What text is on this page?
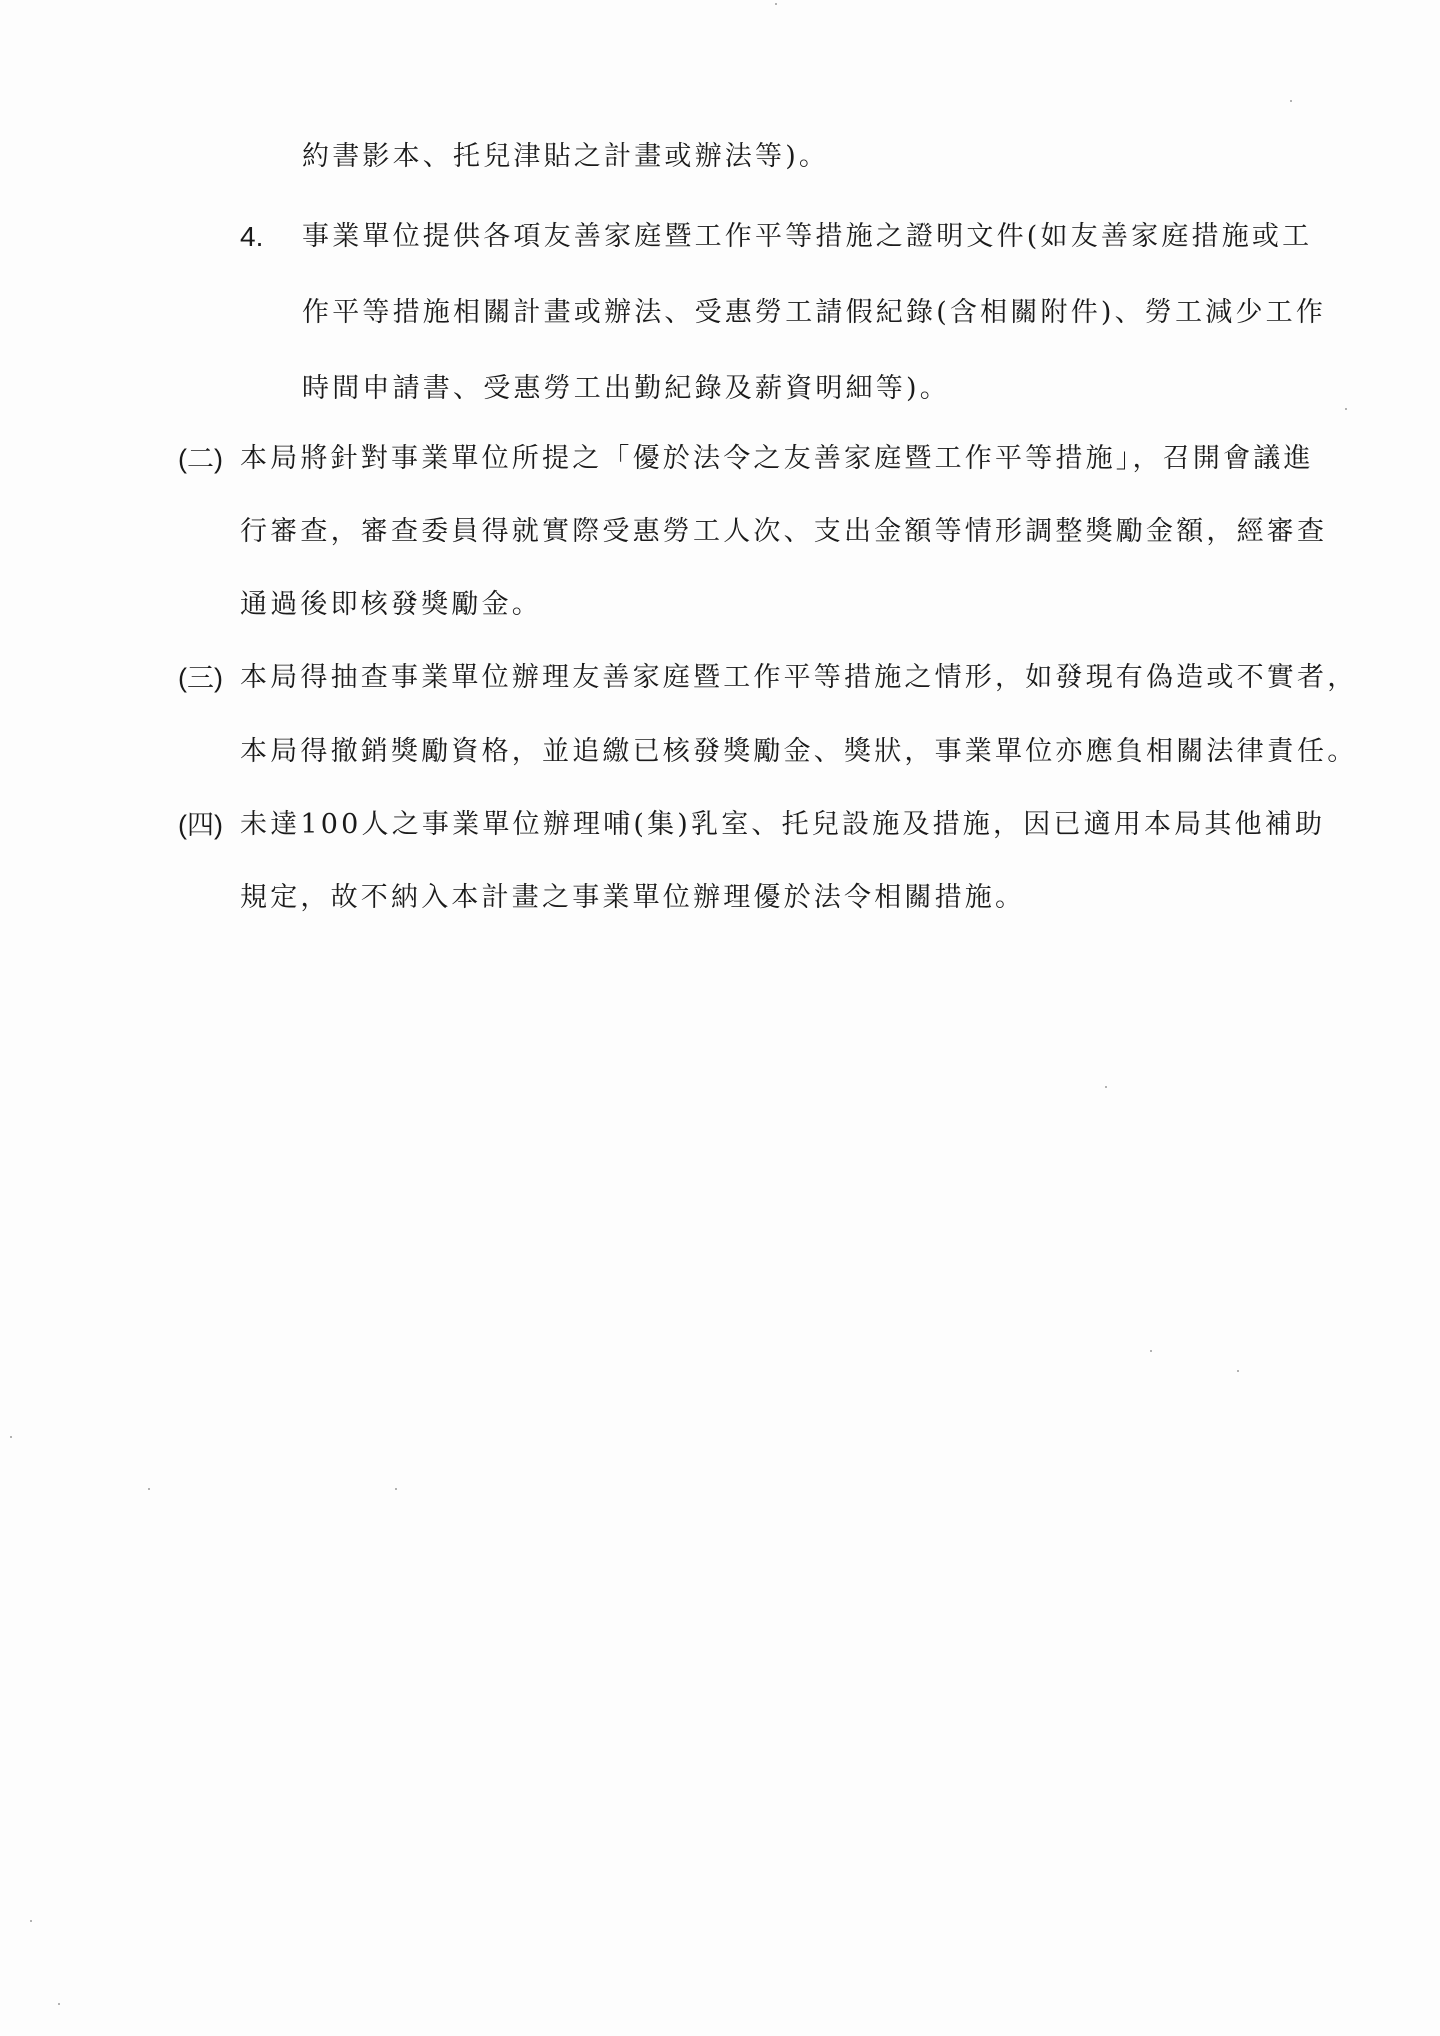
約書影本、托兒津貼之計畫或辦法等)。
4. 事業單位提供各項友善家庭暨工作平等措施之證明文件(如友善家庭措施或工
作平等措施相關計畫或辦法、受惠勞工請假紀錄(含相關附件)、勞工減少工作
時間申請書、受惠勞工出勤紀錄及薪資明細等)。
(二) 本局將針對事業單位所提之「優於法令之友善家庭暨工作平等措施」，召開會議進
行審查，審查委員得就實際受惠勞工人次、支出金額等情形調整獎勵金額，經審查
通過後即核發獎勵金。
(三) 本局得抽查事業單位辦理友善家庭暨工作平等措施之情形，如發現有偽造或不實者，
本局得撤銷獎勵資格，並追繳已核發獎勵金、獎狀，事業單位亦應負相關法律責任。
(四) 未達100人之事業單位辦理哺(集)乳室、托兒設施及措施，因已適用本局其他補助
規定，故不納入本計畫之事業單位辦理優於法令相關措施。
